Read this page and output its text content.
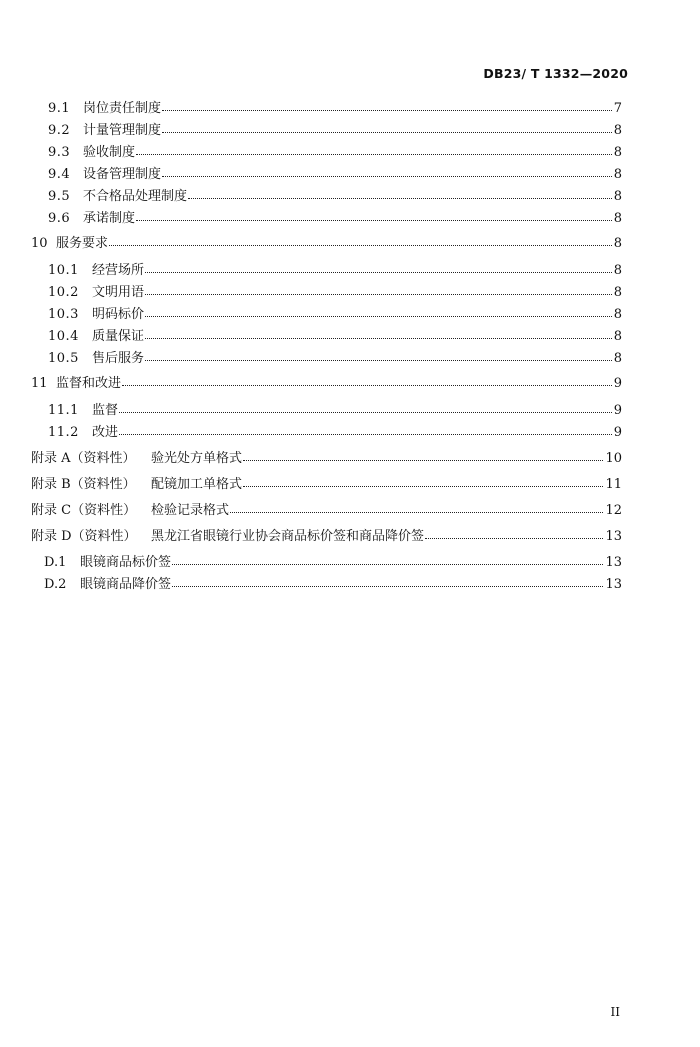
DB23/ T 1332—2020
9.1 岗位责任制度	7
9.2 计量管理制度	8
9.3 验收制度	8
9.4 设备管理制度	8
9.5 不合格品处理制度	8
9.6 承诺制度	8
10 服务要求	8
10.1	经营场所	8
10.2	文明用语	8
10.3	明码标价	8
10.4	质量保证	8
10.5	售后服务	8
11 监督和改进	9
11.1	监督	9
11.2	改进	9
附录 A（资料性）	验光处方单格式	10
附录 B（资料性）	配镜加工单格式	11
附录 C（资料性）	检验记录格式	12
附录 D（资料性）	黑龙江省眼镜行业协会商品标价签和商品降价签	13
D.1	眼镜商品标价签	13
D.2	眼镜商品降价签	13
II
